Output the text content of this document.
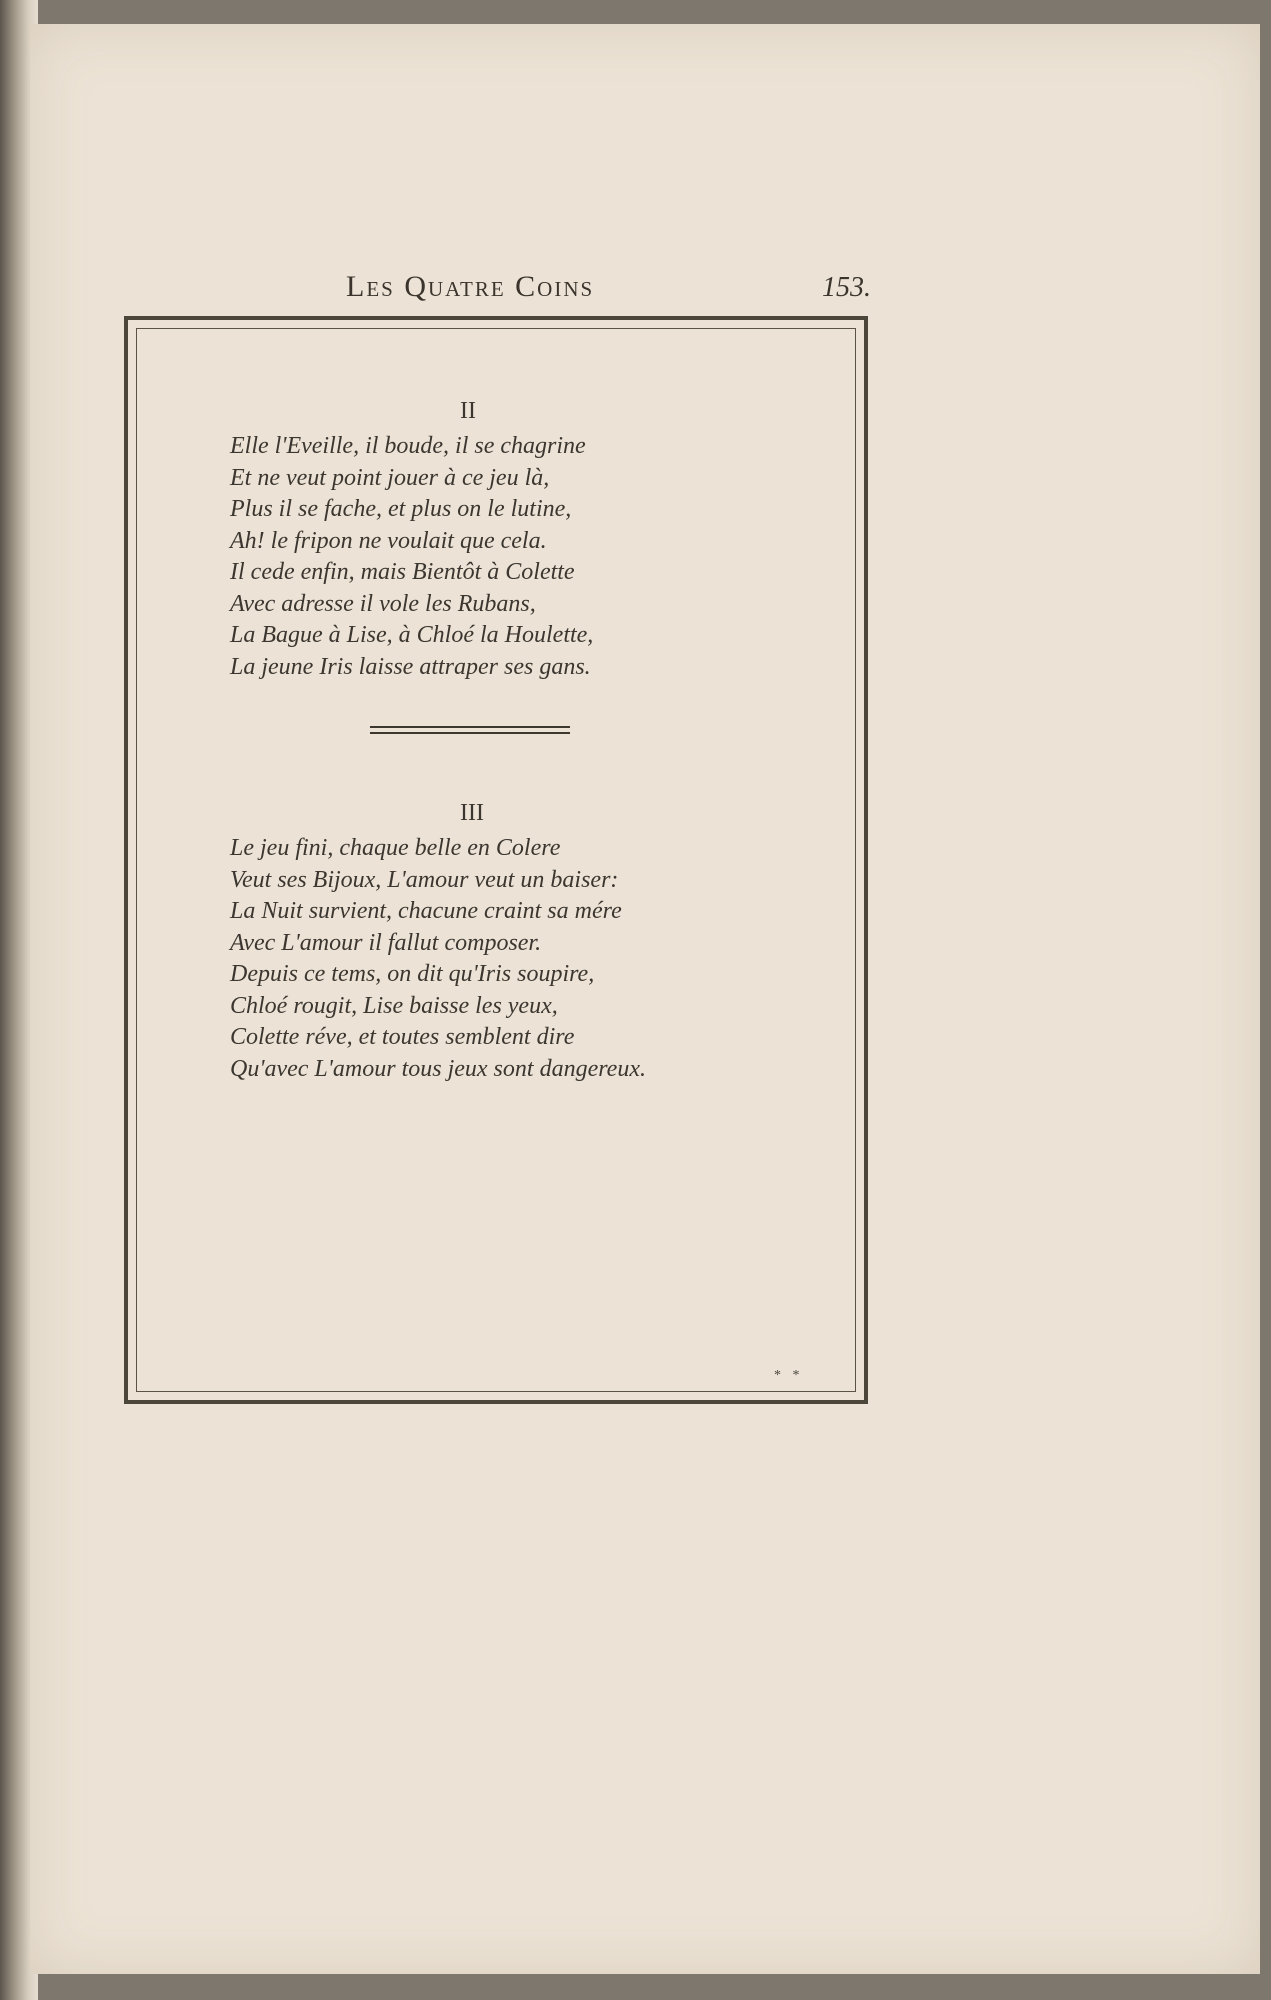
Les Quatre Coins	153.
II
Elle l'Eveille, il boude, il se chagrine
Et ne veut point jouer à ce jeu là,
Plus il se fache, et plus on le lutine,
Ah! le fripon ne voulait que cela.
Il cede enfin, mais Bientôt à Colette
Avec adresse il vole les Rubans,
La Bague à Lise, à Chloé la Houlette,
La jeune Iris laisse attraper ses gans.
III
Le jeu fini, chaque belle en Colere
Veut ses Bijoux, L'amour veut un baiser:
La Nuit survient, chacune craint sa mére
Avec L'amour il fallut composer.
Depuis ce tems, on dit qu'Iris soupire,
Chloé rougit, Lise baisse les yeux,
Colette réve, et toutes semblent dire
Qu'avec L'amour tous jeux sont dangereux.
* *
